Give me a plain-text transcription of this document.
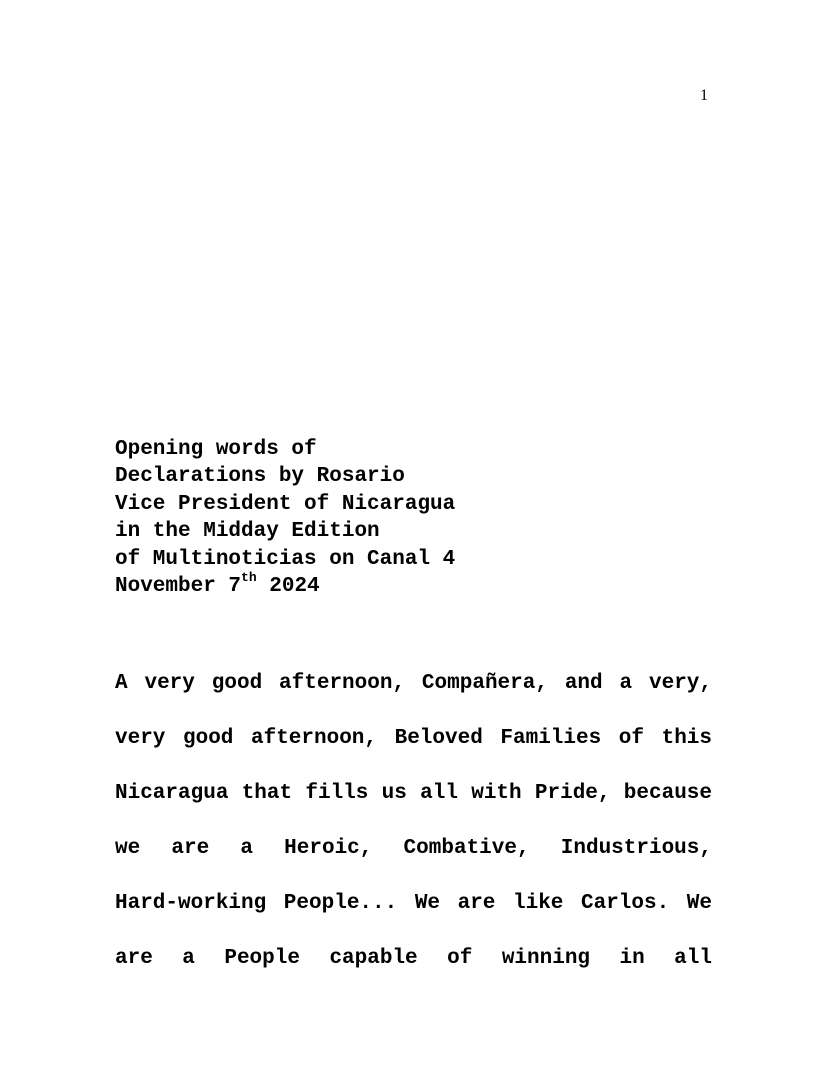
1
Opening words of
Declarations by Rosario
Vice President of Nicaragua
in the Midday Edition
of Multinoticias on Canal 4
November 7th 2024
A very good afternoon, Compañera, and a very,
very good afternoon, Beloved Families of this
Nicaragua that fills us all with Pride, because
we are a Heroic, Combative, Industrious,
Hard-working People... We are like Carlos. We
are a People capable of winning in all
